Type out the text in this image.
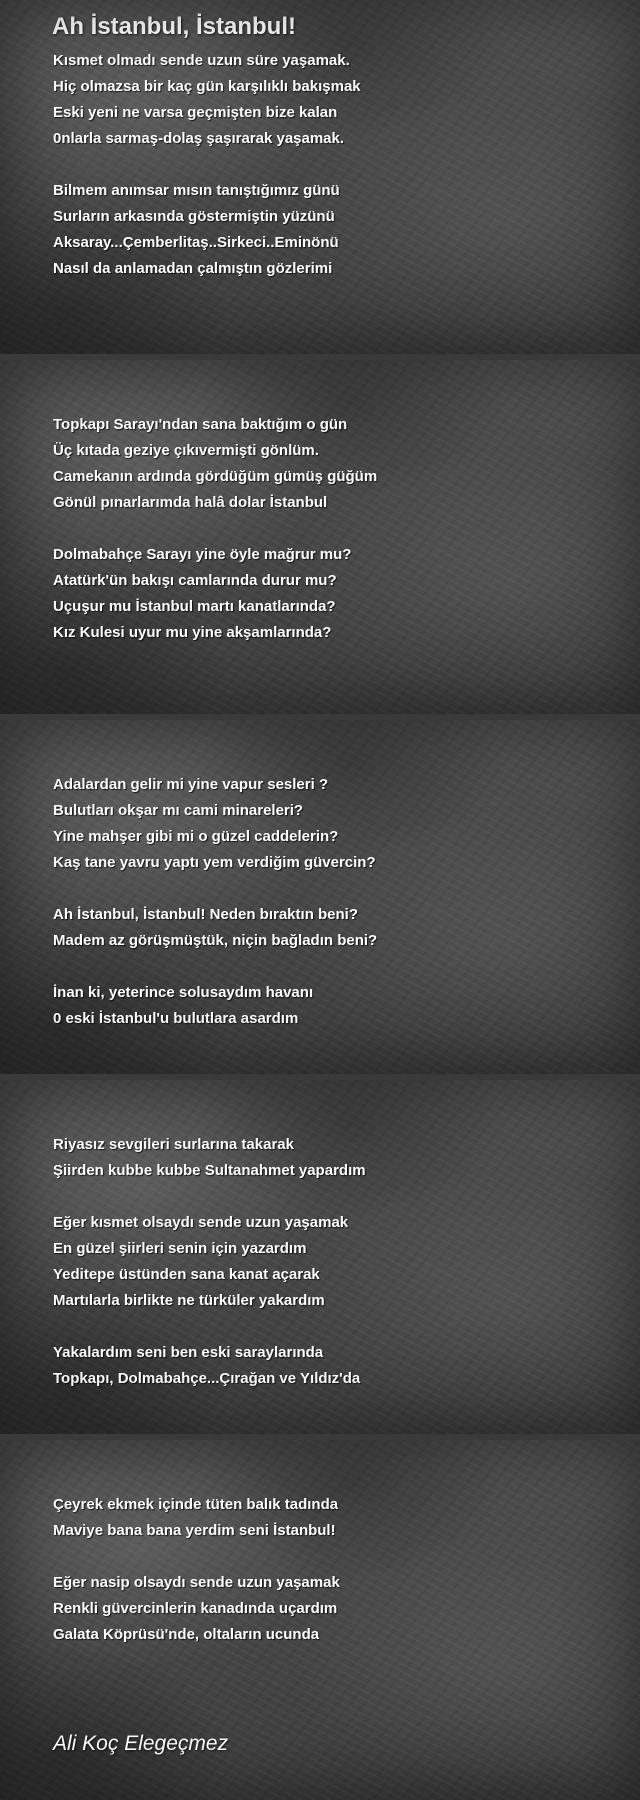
Ah İstanbul, İstanbul!
Kısmet olmadı sende uzun süre yaşamak.
Hiç olmazsa bir kaç gün karşılıklı bakışmak
Eski yeni ne varsa geçmişten bize kalan
0nlarla sarmaş-dolaş şaşırarak yaşamak.
Bilmem anımsar mısın tanıştığımız günü
Surların arkasında göstermiştin yüzünü
Aksaray...Çemberlitaş..Sirkeci..Eminönü
Nasıl da anlamadan çalmıştın gözlerimi
Topkapı Sarayı'ndan sana baktığım o gün
Üç kıtada geziye çıkıvermişti gönlüm.
Camekanın ardında gördüğüm gümüş güğüm
Gönül pınarlarımda halâ dolar İstanbul
Dolmabahçe Sarayı yine öyle mağrur mu?
Atatürk'ün bakışı camlarında durur mu?
Uçuşur mu İstanbul martı kanatlarında?
Kız Kulesi uyur mu yine akşamlarında?
Adalardan gelir mi yine vapur sesleri ?
Bulutları okşar mı cami minareleri?
Yine mahşer gibi mi o güzel caddelerin?
Kaş tane yavru yaptı yem verdiğim güvercin?
Ah İstanbul, İstanbul! Neden bıraktın beni?
Madem az görüşmüştük, niçin bağladın beni?
İnan ki, yeterince solusaydım havanı
0 eski İstanbul'u bulutlara asardım
Riyasız sevgileri surlarına takarak
Şiirden kubbe kubbe Sultanahmet yapardım
Eğer kısmet olsaydı sende uzun yaşamak
En güzel şiirleri senin için yazardım
Yeditepe üstünden sana kanat açarak
Martılarla birlikte ne türküler yakardım
Yakalardım seni ben eski saraylarında
Topkapı, Dolmabahçe...Çırağan ve Yıldız'da
Çeyrek ekmek içinde tüten balık tadında
Maviye bana bana yerdim seni İstanbul!
Eğer nasip olsaydı sende uzun yaşamak
Renkli güvercinlerin kanadında uçardım
Galata Köprüsü'nde, oltaların ucunda

Ali Koç Elegeçmez
